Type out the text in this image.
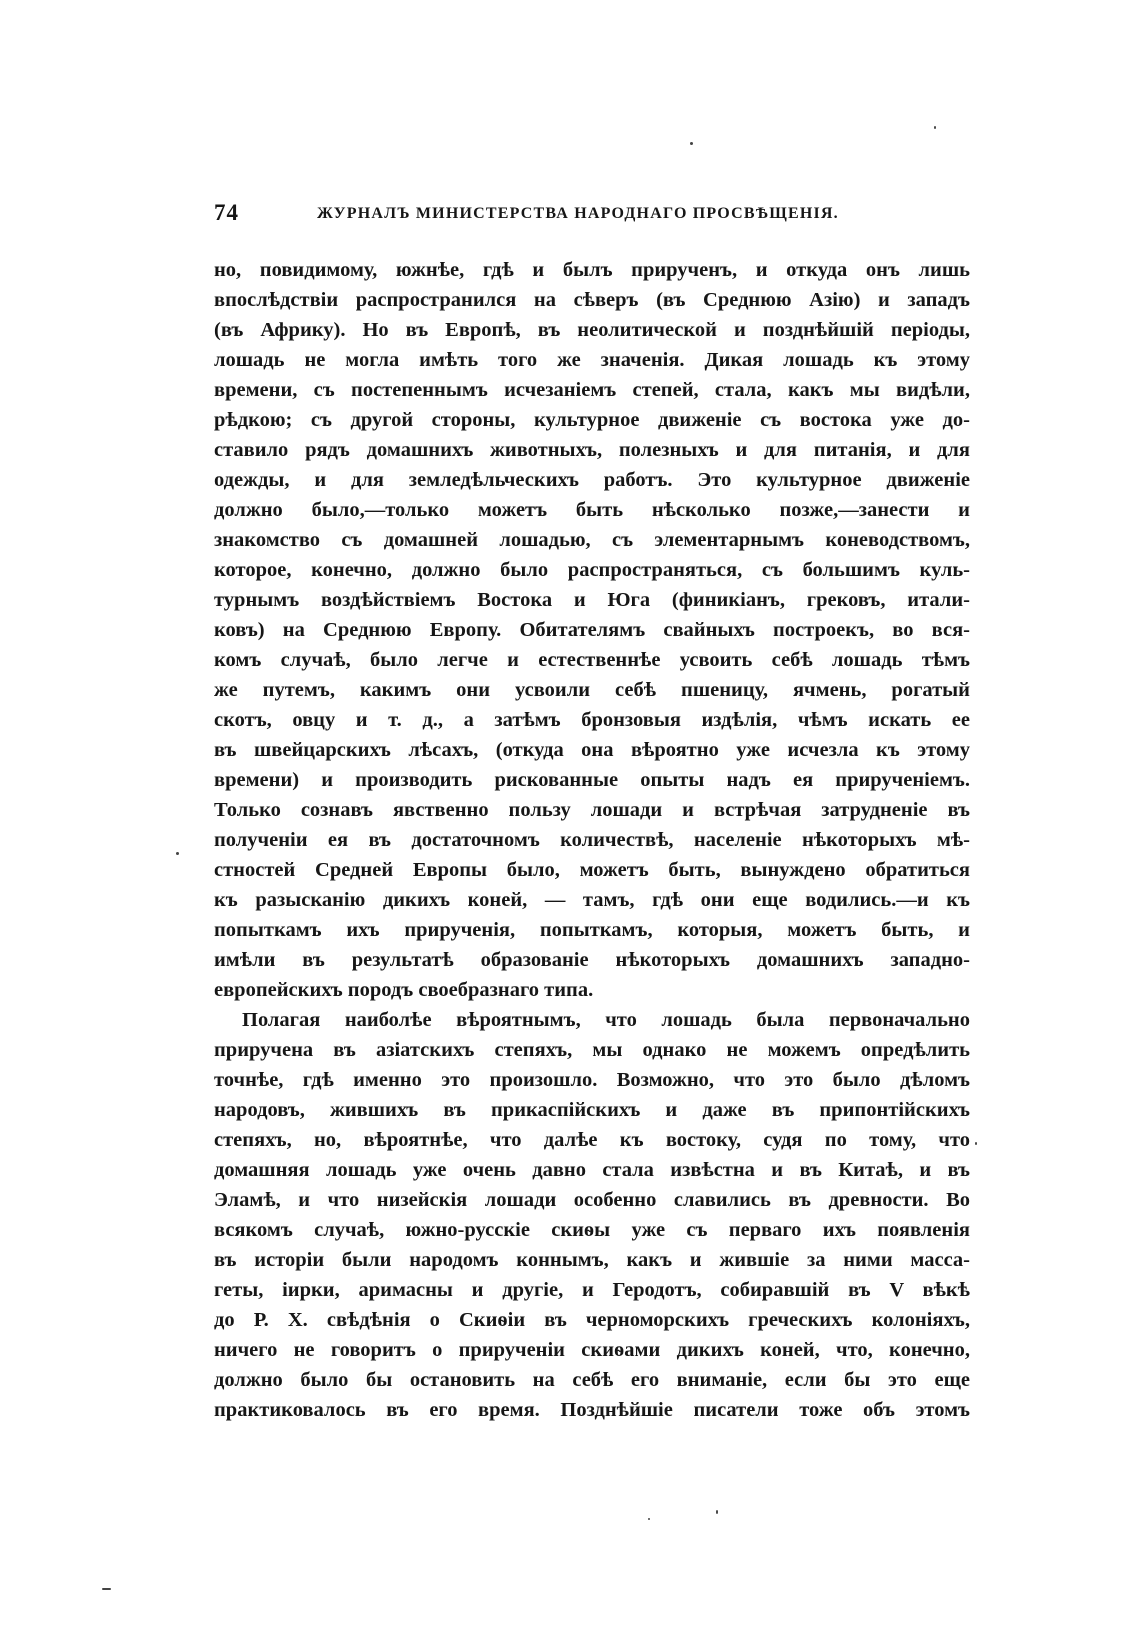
74	ЖУРНАЛЪ МИНИСТЕРСТВА НАРОДНАГО ПРОСВѢЩЕНІЯ.
но, повидимому, южнѣе, гдѣ и былъ прирученъ, и откуда онъ лишь
впослѣдствіи распространился на сѣверъ (въ Среднюю Азію) и западъ
(въ Африку). Но въ Европѣ, въ неолитической и позднѣйшій періоды,
лошадь не могла имѣть того же значенія. Дикая лошадь къ этому
времени, съ постепеннымъ исчезаніемъ степей, стала, какъ мы видѣли,
рѣдкою; съ другой стороны, культурное движеніе съ востока уже до-
ставило рядъ домашнихъ животныхъ, полезныхъ и для питанія, и для
одежды, и для земледѣльческихъ работъ. Это культурное движеніе
должно было,—только можетъ быть нѣсколько позже,—занести и
знакомство съ домашней лошадью, съ элементарнымъ коневодствомъ,
которое, конечно, должно было распространяться, съ большимъ куль-
турнымъ воздѣйствіемъ Востока и Юга (финикіанъ, грековъ, итали-
ковъ) на Среднюю Европу. Обитателямъ свайныхъ построекъ, во вся-
комъ случаѣ, было легче и естественнѣе усвоить себѣ лошадь тѣмъ
же путемъ, какимъ они усвоили себѣ пшеницу, ячмень, рогатый
скотъ, овцу и т. д., а затѣмъ бронзовыя издѣлія, чѣмъ искать ее
въ швейцарскихъ лѣсахъ, (откуда она вѣроятно уже исчезла къ этому
времени) и производить рискованные опыты надъ ея прирученіемъ.
Только сознавъ явственно пользу лошади и встрѣчая затрудненіе въ
полученіи ея въ достаточномъ количествѣ, населеніе нѣкоторыхъ мѣ-
стностей Средней Европы было, можетъ быть, вынуждено обратиться
къ разысканію дикихъ коней, — тамъ, гдѣ они еще водились.—и къ
попыткамъ ихъ прирученія, попыткамъ, которыя, можетъ быть, и
имѣли въ результатѣ образованіе нѣкоторыхъ домашнихъ западно-
европейскихъ породъ своебразнаго типа.
Полагая наиболѣе вѣроятнымъ, что лошадь была первоначально
приручена въ азіатскихъ степяхъ, мы однако не можемъ опредѣлить
точнѣе, гдѣ именно это произошло. Возможно, что это было дѣломъ
народовъ, жившихъ въ прикаспійскихъ и даже въ припонтійскихъ
степяхъ, но, вѣроятнѣе, что далѣе къ востоку, судя по тому, что
домашняя лошадь уже очень давно стала извѣстна и въ Китаѣ, и въ
Эламѣ, и что низейскія лошади особенно славились въ древности. Во
всякомъ случаѣ, южно-русскіе скиѳы уже съ перваго ихъ появленія
въ исторіи были народомъ коннымъ, какъ и жившіе за ними масса-
геты, іирки, аримасны и другіе, и Геродотъ, собиравшій въ V вѣкѣ
до Р. Х. свѣдѣнія о Скиѳіи въ черноморскихъ греческихъ колоніяхъ,
ничего не говоритъ о прирученіи скиѳами дикихъ коней, что, конечно,
должно было бы остановить на себѣ его вниманіе, если бы это еще
практиковалось въ его время. Позднѣйшіе писатели тоже объ этомъ
